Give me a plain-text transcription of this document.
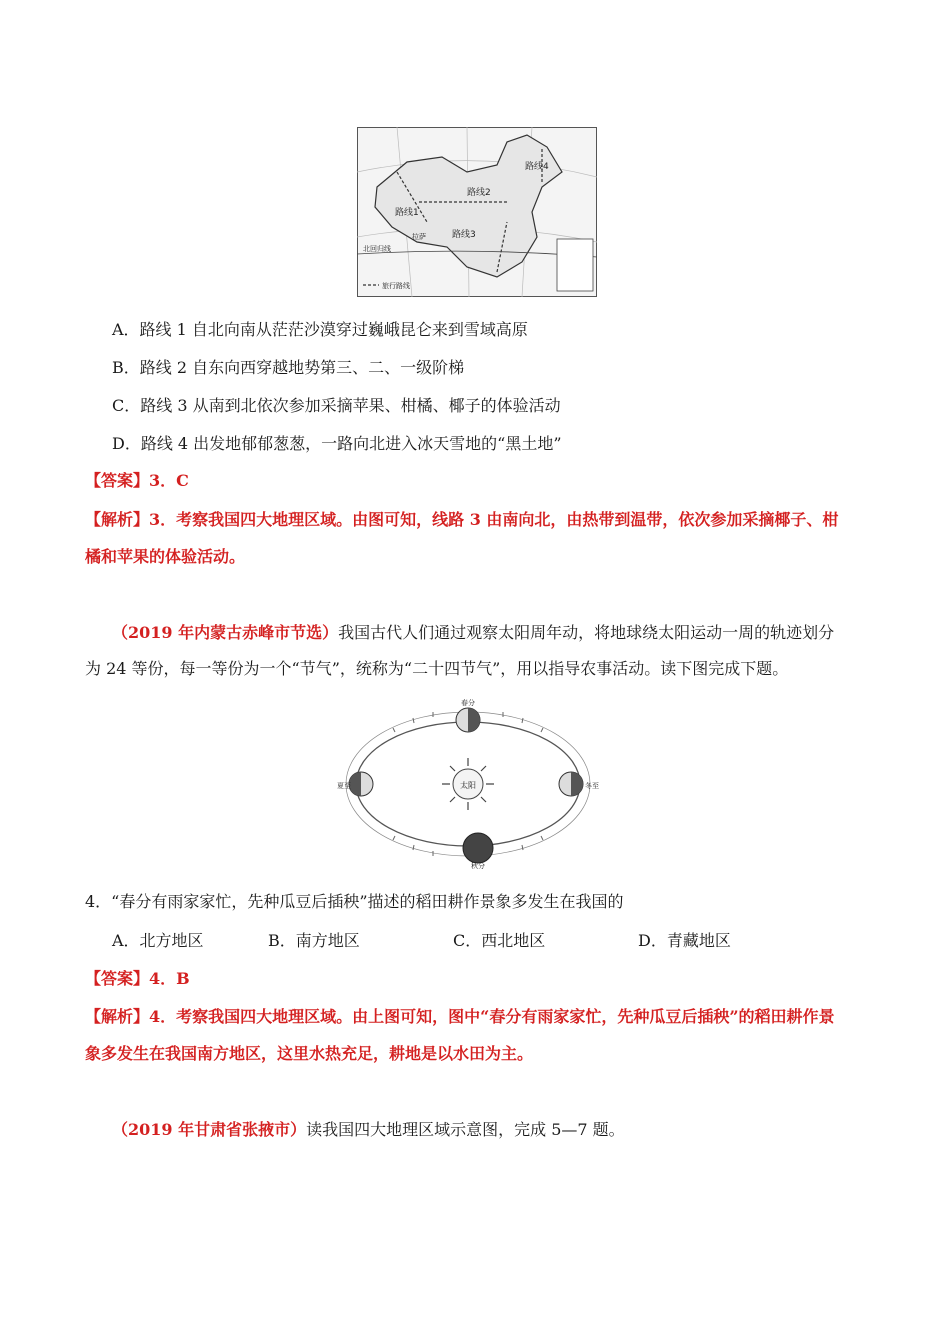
路线4
路线2
路线1
路线3
拉萨
北回归线
旅行路线
A．路线 1 自北向南从茫茫沙漠穿过巍峨昆仑来到雪域高原
B．路线 2 自东向西穿越地势第三、二、一级阶梯
C．路线 3 从南到北依次参加采摘苹果、柑橘、椰子的体验活动
D．路线 4 出发地郁郁葱葱，一路向北进入冰天雪地的“黑土地”
【答案】3．C
【解析】3．考察我国四大地理区域。由图可知，线路 3 由南向北，由热带到温带，依次参加采摘椰子、柑
橘和苹果的体验活动。
（2019 年内蒙古赤峰市节选）我国古代人们通过观察太阳周年动，将地球绕太阳运动一周的轨迹划分
为 24 等份，每一等份为一个“节气”，统称为“二十四节气”，用以指导农事活动。读下图完成下题。
太阳
春分
夏至	冬至
秋分
4．“春分有雨家家忙，先种瓜豆后插秧”描述的稻田耕作景象多发生在我国的
A．北方地区	B．南方地区	C．西北地区	D．青藏地区
【答案】4．B
【解析】4．考察我国四大地理区域。由上图可知，图中“春分有雨家家忙，先种瓜豆后插秧”的稻田耕作景
象多发生在我国南方地区，这里水热充足，耕地是以水田为主。
（2019 年甘肃省张掖市）读我国四大地理区域示意图，完成 5—7 题。
